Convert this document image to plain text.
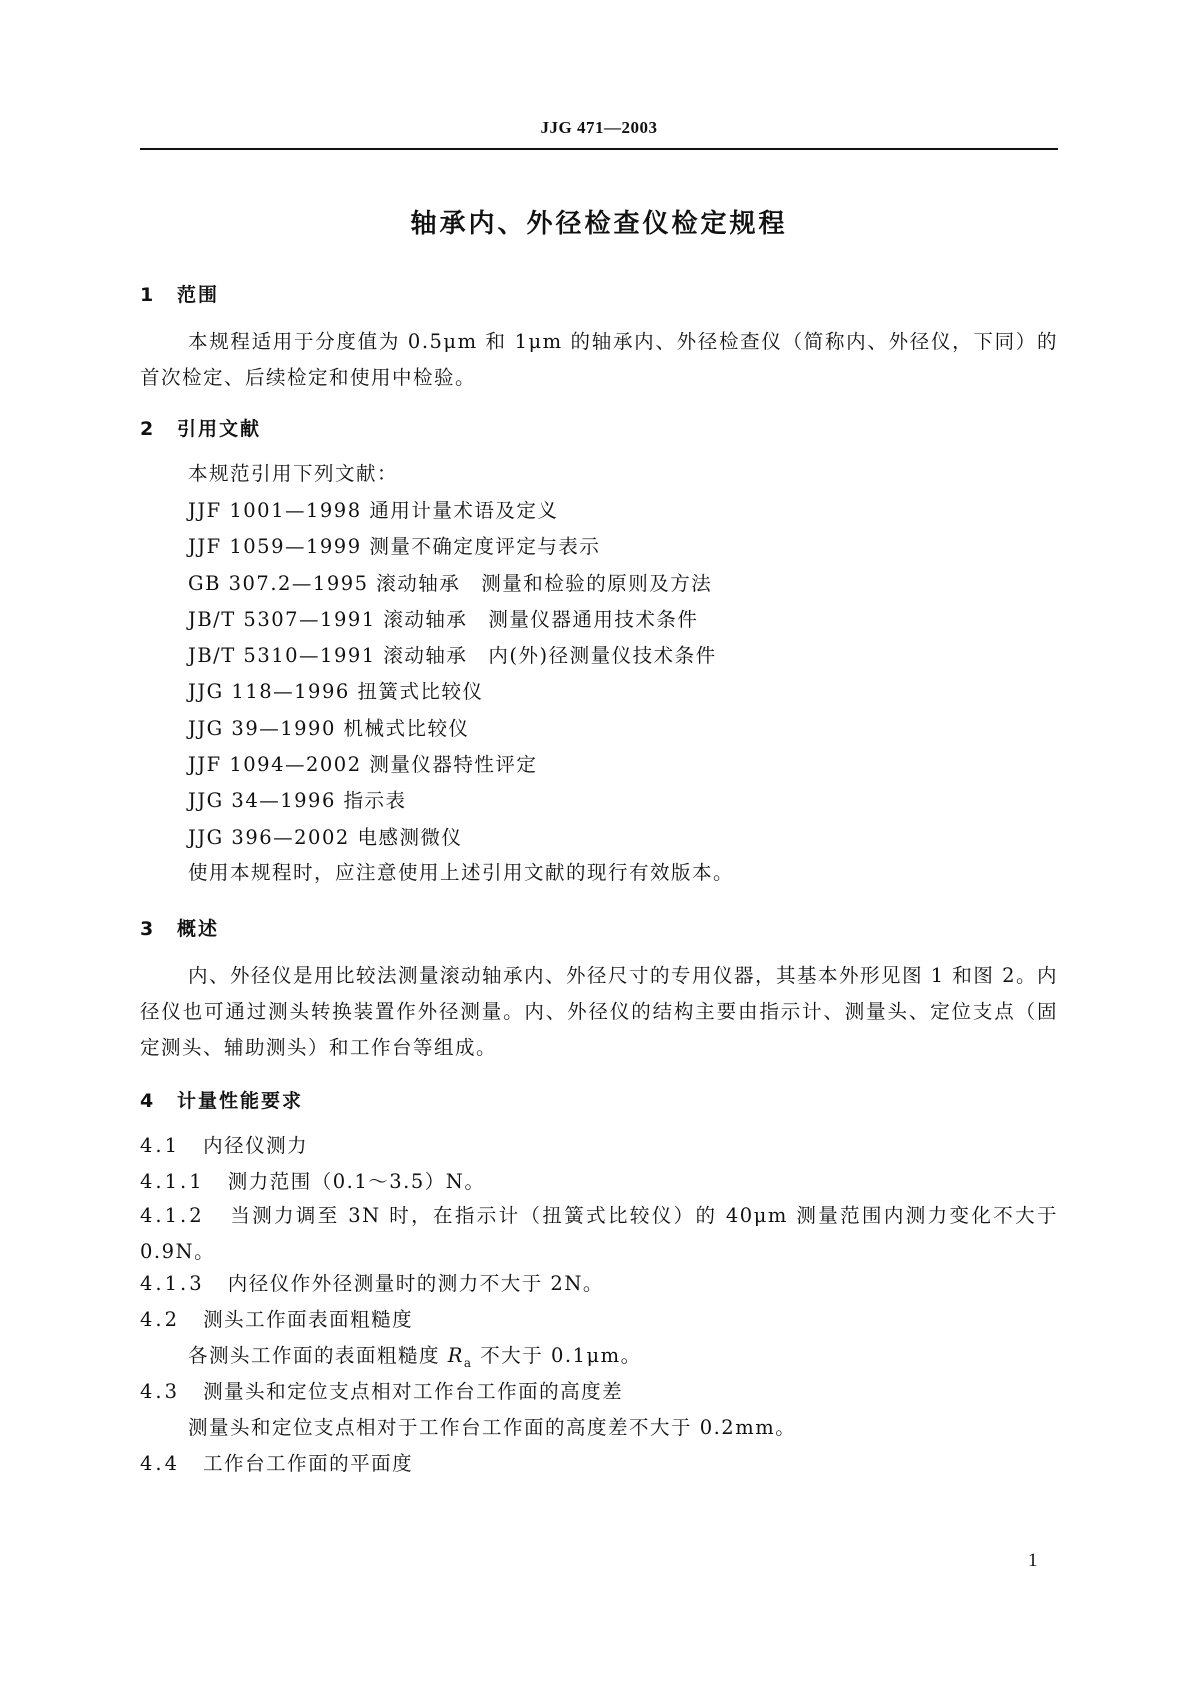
JJG 471—2003
轴承内、外径检查仪检定规程
1 范围
本规程适用于分度值为 0.5μm 和 1μm 的轴承内、外径检查仪（简称内、外径仪，下同）的首次检定、后续检定和使用中检验。
2 引用文献
本规范引用下列文献：
JJF 1001—1998 通用计量术语及定义
JJF 1059—1999 测量不确定度评定与表示
GB 307.2—1995 滚动轴承　测量和检验的原则及方法
JB/T 5307—1991 滚动轴承　测量仪器通用技术条件
JB/T 5310—1991 滚动轴承　内(外)径测量仪技术条件
JJG 118—1996 扭簧式比较仪
JJG 39—1990 机械式比较仪
JJF 1094—2002 测量仪器特性评定
JJG 34—1996 指示表
JJG 396—2002 电感测微仪
使用本规程时，应注意使用上述引用文献的现行有效版本。
3 概述
内、外径仪是用比较法测量滚动轴承内、外径尺寸的专用仪器，其基本外形见图 1 和图 2。内径仪也可通过测头转换装置作外径测量。内、外径仪的结构主要由指示计、测量头、定位支点（固定测头、辅助测头）和工作台等组成。
4 计量性能要求
4.1 内径仪测力
4.1.1 测力范围（0.1～3.5）N。
4.1.2 当测力调至 3N 时，在指示计（扭簧式比较仪）的 40μm 测量范围内测力变化不大于 0.9N。
4.1.3 内径仪作外径测量时的测力不大于 2N。
4.2 测头工作面表面粗糙度
各测头工作面的表面粗糙度 $R_a$ 不大于 0.1μm。
4.3 测量头和定位支点相对工作台工作面的高度差
测量头和定位支点相对于工作台工作面的高度差不大于 0.2mm。
4.4 工作台工作面的平面度
1
